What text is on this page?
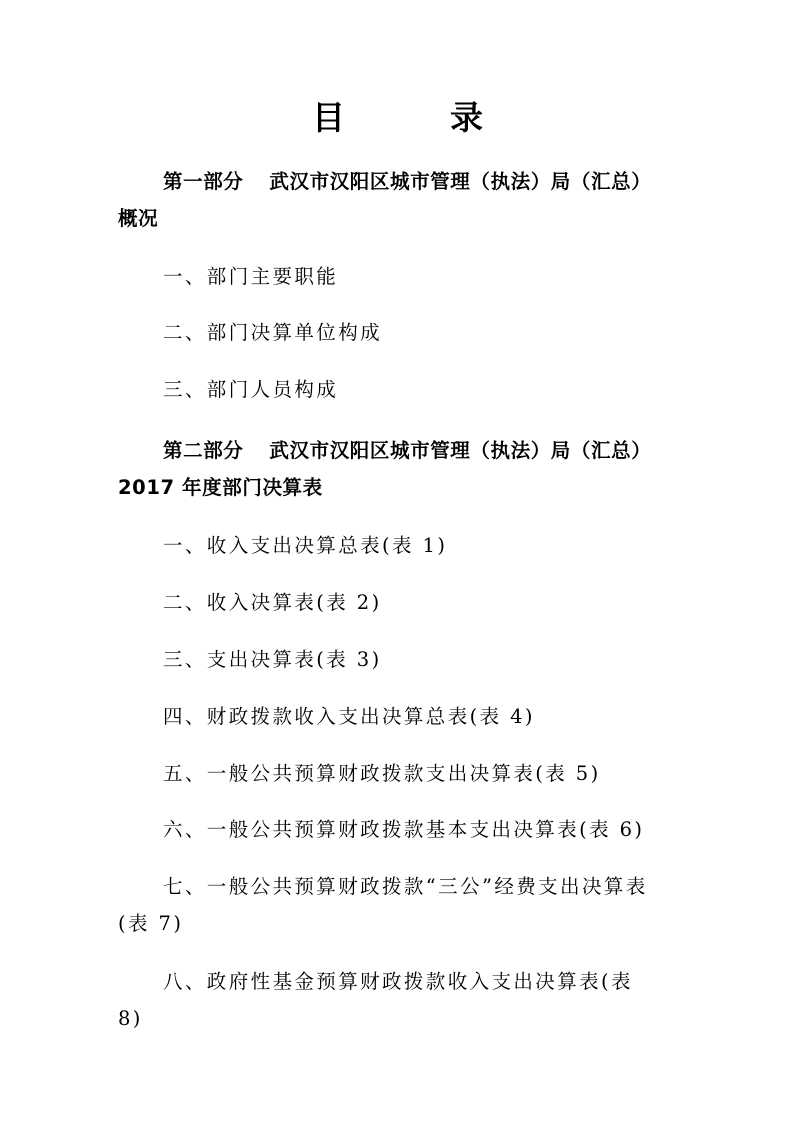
目	录
第一部分 武汉市汉阳区城市管理（执法）局（汇总）概况
一、部门主要职能
二、部门决算单位构成
三、部门人员构成
第二部分 武汉市汉阳区城市管理（执法）局（汇总）2017 年度部门决算表
一、收入支出决算总表(表 1)
二、收入决算表(表 2)
三、支出决算表(表 3)
四、财政拨款收入支出决算总表(表 4)
五、一般公共预算财政拨款支出决算表(表 5)
六、一般公共预算财政拨款基本支出决算表(表 6)
七、一般公共预算财政拨款“三公”经费支出决算表(表 7)
八、政府性基金预算财政拨款收入支出决算表(表 8)
